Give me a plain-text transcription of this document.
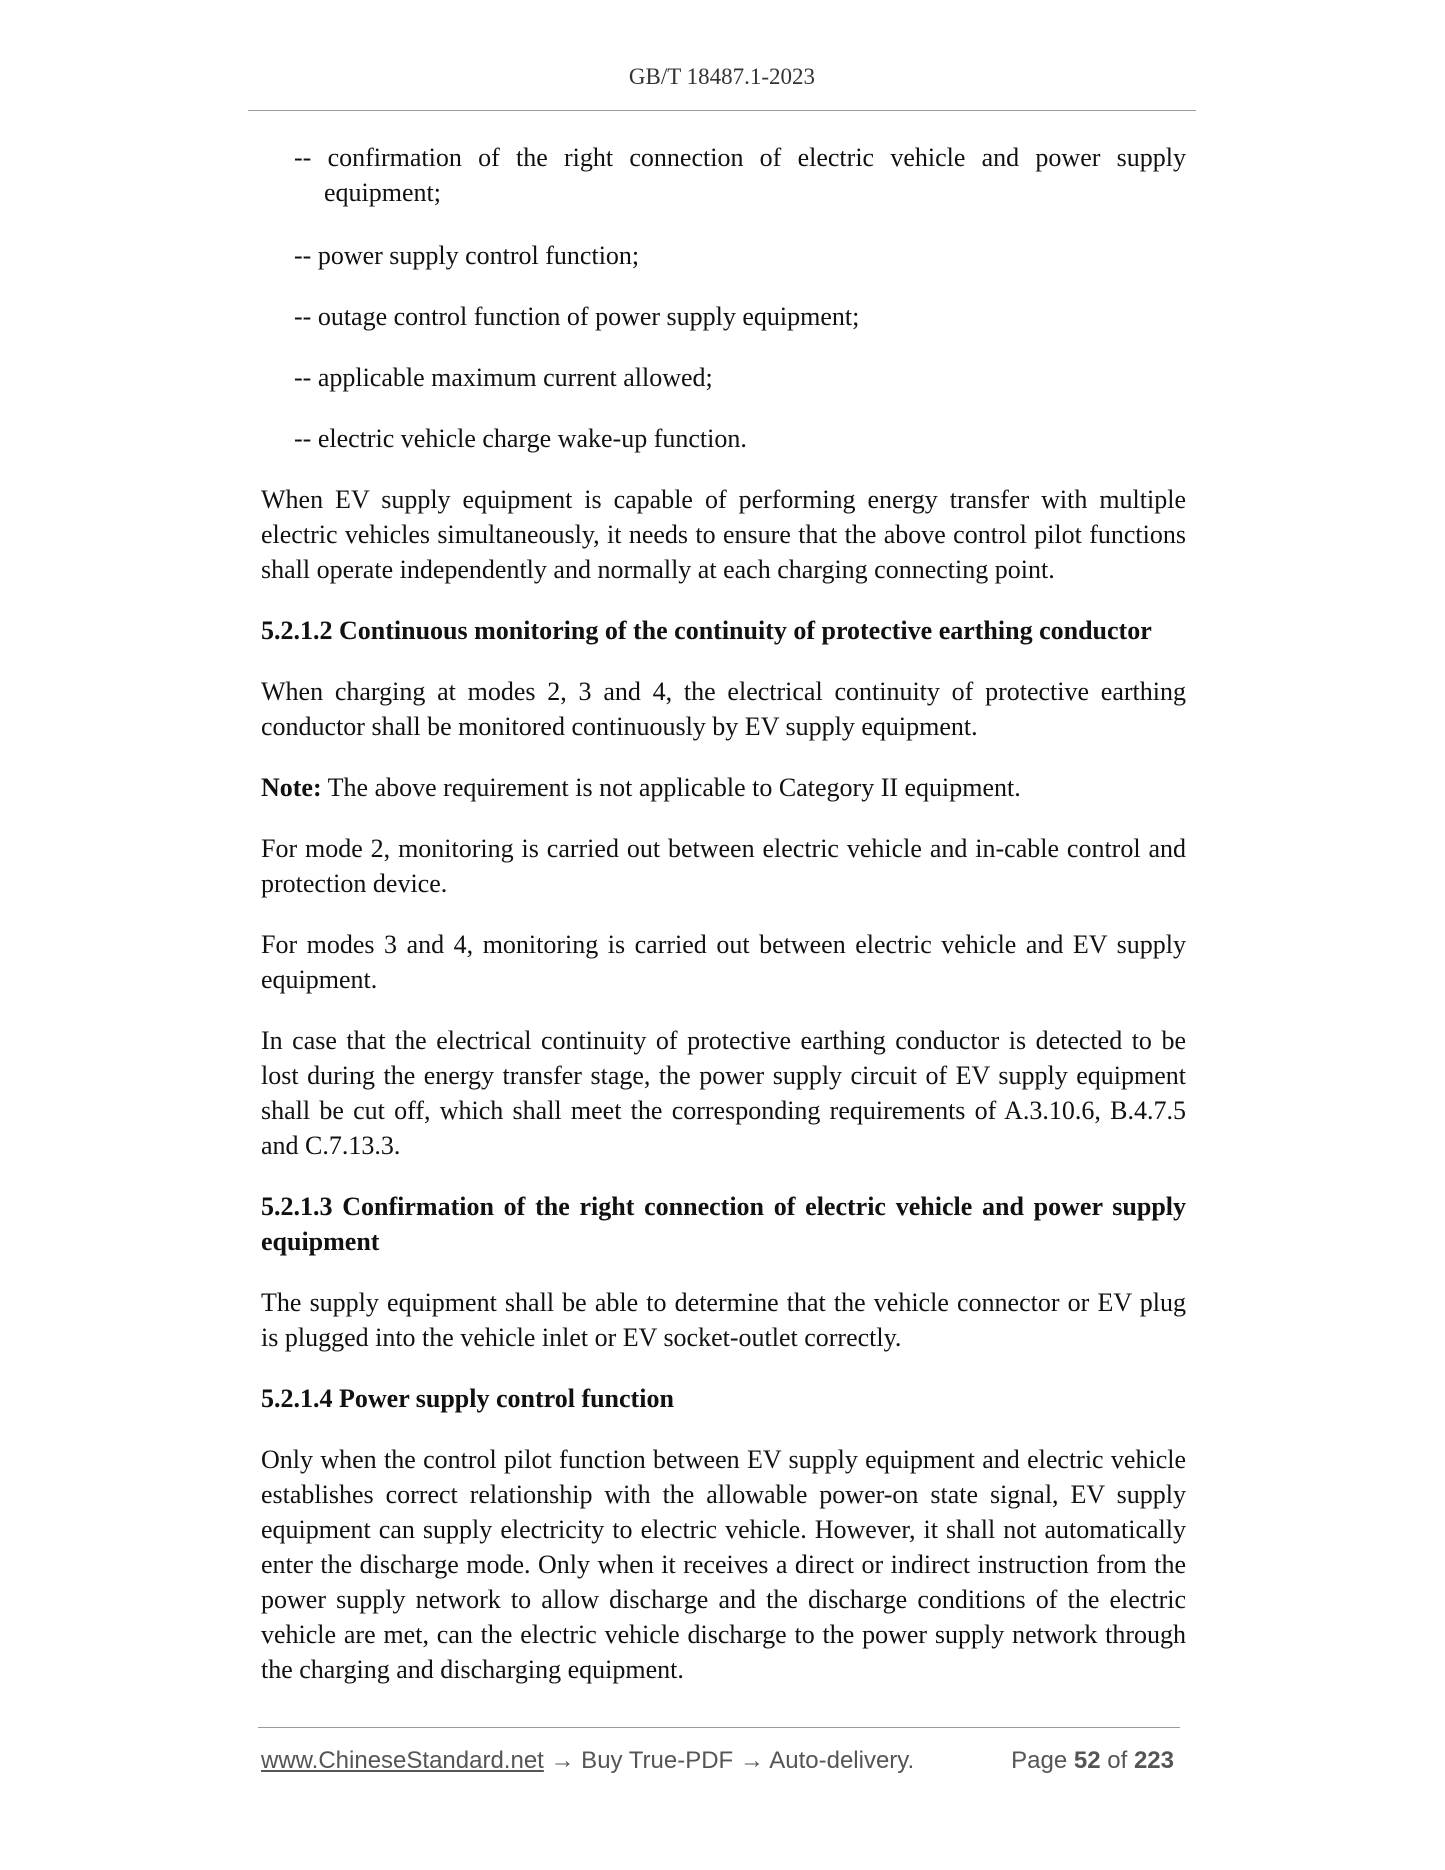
GB/T 18487.1-2023

-- confirmation of the right connection of electric vehicle and power supply equipment;

-- power supply control function;

-- outage control function of power supply equipment;

-- applicable maximum current allowed;

-- electric vehicle charge wake-up function.

When EV supply equipment is capable of performing energy transfer with multiple electric vehicles simultaneously, it needs to ensure that the above control pilot functions shall operate independently and normally at each charging connecting point.

5.2.1.2 Continuous monitoring of the continuity of protective earthing conductor

When charging at modes 2, 3 and 4, the electrical continuity of protective earthing conductor shall be monitored continuously by EV supply equipment.

Note: The above requirement is not applicable to Category II equipment.

For mode 2, monitoring is carried out between electric vehicle and in-cable control and protection device.

For modes 3 and 4, monitoring is carried out between electric vehicle and EV supply equipment.

In case that the electrical continuity of protective earthing conductor is detected to be lost during the energy transfer stage, the power supply circuit of EV supply equipment shall be cut off, which shall meet the corresponding requirements of A.3.10.6, B.4.7.5 and C.7.13.3.

5.2.1.3 Confirmation of the right connection of electric vehicle and power supply equipment

The supply equipment shall be able to determine that the vehicle connector or EV plug is plugged into the vehicle inlet or EV socket-outlet correctly.

5.2.1.4 Power supply control function

Only when the control pilot function between EV supply equipment and electric vehicle establishes correct relationship with the allowable power-on state signal, EV supply equipment can supply electricity to electric vehicle. However, it shall not automatically enter the discharge mode. Only when it receives a direct or indirect instruction from the power supply network to allow discharge and the discharge conditions of the electric vehicle are met, can the electric vehicle discharge to the power supply network through the charging and discharging equipment.

www.ChineseStandard.net → Buy True-PDF → Auto-delivery.	Page 52 of 223
